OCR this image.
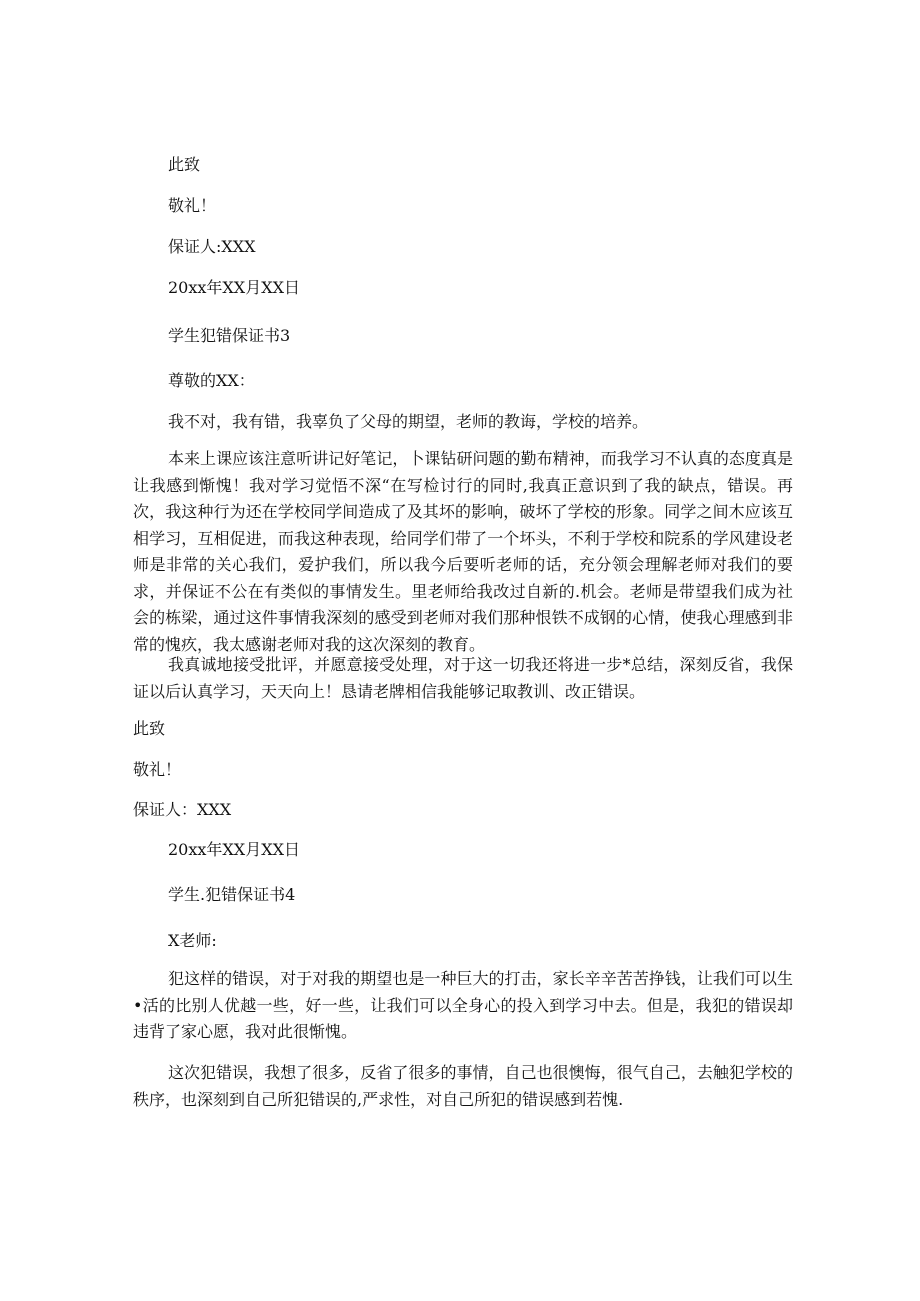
此致

敬礼！

保证人:XXX

20xx年XX月XX日

学生犯错保证书3

尊敬的XX：

我不对，我有错，我辜负了父母的期望，老师的教诲，学校的培养。

本来上课应该注意听讲记好笔记，卜课钻研问题的勤布精神，而我学习不认真的态度真是让我感到惭愧！我对学习觉悟不深“在写检讨行的同时,我真正意识到了我的缺点，错误。再次，我这种行为还在学校同学间造成了及其坏的影响，破坏了学校的形象。同学之间木应该互相学习，互相促进，而我这种表现，给同学们带了一个坏头，不利于学校和院系的学风建设老师是非常的关心我们，爱护我们，所以我今后要听老师的话，充分领会理解老师对我们的要求，并保证不公在有类似的事情发生。里老师给我改过自新的.机会。老师是带望我们成为社会的栋梁，通过这件事情我深刻的感受到老师对我们那种恨铁不成钢的心情，使我心理感到非常的愧疚，我太感谢老师对我的这次深刻的教育。

我真诚地接受批评，并愿意接受处理，对于这一切我还将进一步*总结，深刻反省，我保证以后认真学习，天天向上！恳请老牌相信我能够记取教训、改正错误。

此致

敬礼！

保证人：XXX

20xx年XX月XX日

学生.犯错保证书4

X老师:

犯这样的错误，对于对我的期望也是一种巨大的打击，家长辛辛苦苦挣钱，让我们可以生•活的比别人优越一些，好一些，让我们可以全身心的投入到学习中去。但是，我犯的错误却违背了家心愿，我对此很惭愧。

这次犯错误，我想了很多，反省了很多的事情，自己也很懊悔，很气自己，去触犯学校的秩序，也深刻到自己所犯错误的,严求性，对自己所犯的错误感到若愧.
